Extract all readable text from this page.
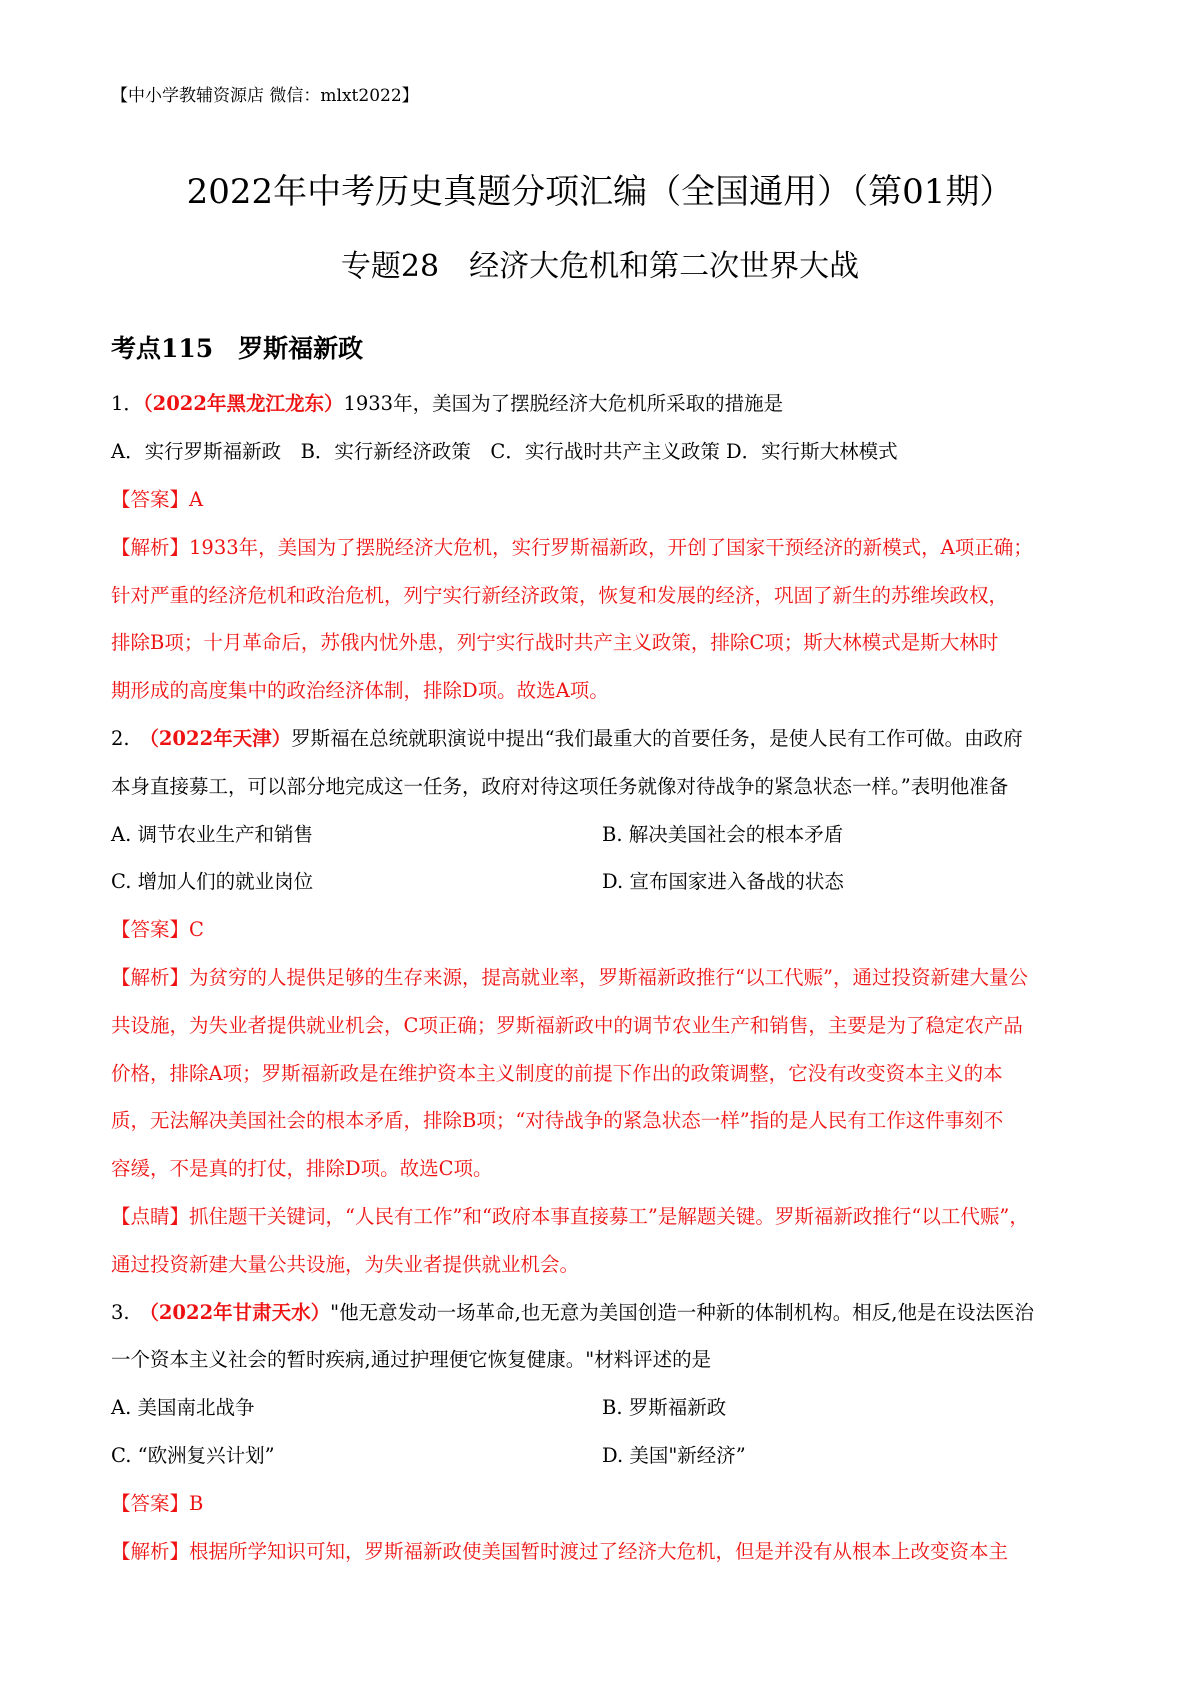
【中小学教辅资源店 微信：mlxt2022】
2022年中考历史真题分项汇编（全国通用）（第01期）
专题28　经济大危机和第二次世界大战
考点115　罗斯福新政
1．（2022年黑龙江龙东）1933年，美国为了摆脱经济大危机所采取的措施是
A．实行罗斯福新政　B．实行新经济政策　C．实行战时共产主义政策 D．实行斯大林模式
【答案】A
【解析】1933年，美国为了摆脱经济大危机，实行罗斯福新政，开创了国家干预经济的新模式，A项正确；
针对严重的经济危机和政治危机，列宁实行新经济政策，恢复和发展的经济，巩固了新生的苏维埃政权，
排除B项；十月革命后，苏俄内忧外患，列宁实行战时共产主义政策，排除C项；斯大林模式是斯大林时
期形成的高度集中的政治经济体制，排除D项。故选A项。
2.　（2022年天津）罗斯福在总统就职演说中提出“我们最重大的首要任务，是使人民有工作可做。由政府
本身直接募工，可以部分地完成这一任务，政府对待这项任务就像对待战争的紧急状态一样。”表明他准备
A. 调节农业生产和销售	B. 解决美国社会的根本矛盾
C. 增加人们的就业岗位	D. 宣布国家进入备战的状态
【答案】C
【解析】为贫穷的人提供足够的生存来源，提高就业率，罗斯福新政推行“以工代赈”，通过投资新建大量公
共设施，为失业者提供就业机会，C项正确；罗斯福新政中的调节农业生产和销售，主要是为了稳定农产品
价格，排除A项；罗斯福新政是在维护资本主义制度的前提下作出的政策调整，它没有改变资本主义的本
质，无法解决美国社会的根本矛盾，排除B项；“对待战争的紧急状态一样”指的是人民有工作这件事刻不
容缓，不是真的打仗，排除D项。故选C项。
【点睛】抓住题干关键词，“人民有工作”和“政府本事直接募工”是解题关键。罗斯福新政推行“以工代赈”，
通过投资新建大量公共设施，为失业者提供就业机会。
3.　（2022年甘肃天水）"他无意发动一场革命,也无意为美国创造一种新的体制机构。相反,他是在设法医治
一个资本主义社会的暂时疾病,通过护理便它恢复健康。"材料评述的是
A. 美国南北战争	B. 罗斯福新政
C. “欧洲复兴计划”	D. 美国"新经济”
【答案】B
【解析】根据所学知识可知，罗斯福新政使美国暂时渡过了经济大危机，但是并没有从根本上改变资本主
